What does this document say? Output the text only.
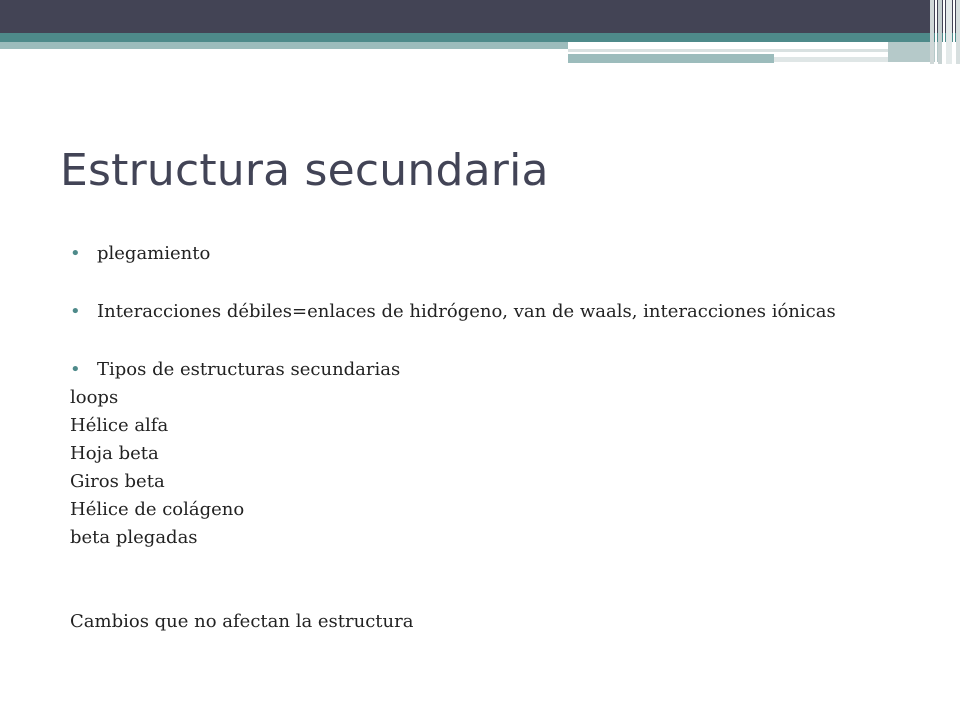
Estructura secundaria
• plegamiento
• Interacciones débiles=enlaces de hidrógeno, van de waals, interacciones iónicas
• Tipos de estructuras secundarias
loops
Hélice alfa
Hoja beta
Giros beta
Hélice de colágeno
beta plegadas
Cambios que no afectan la estructura
